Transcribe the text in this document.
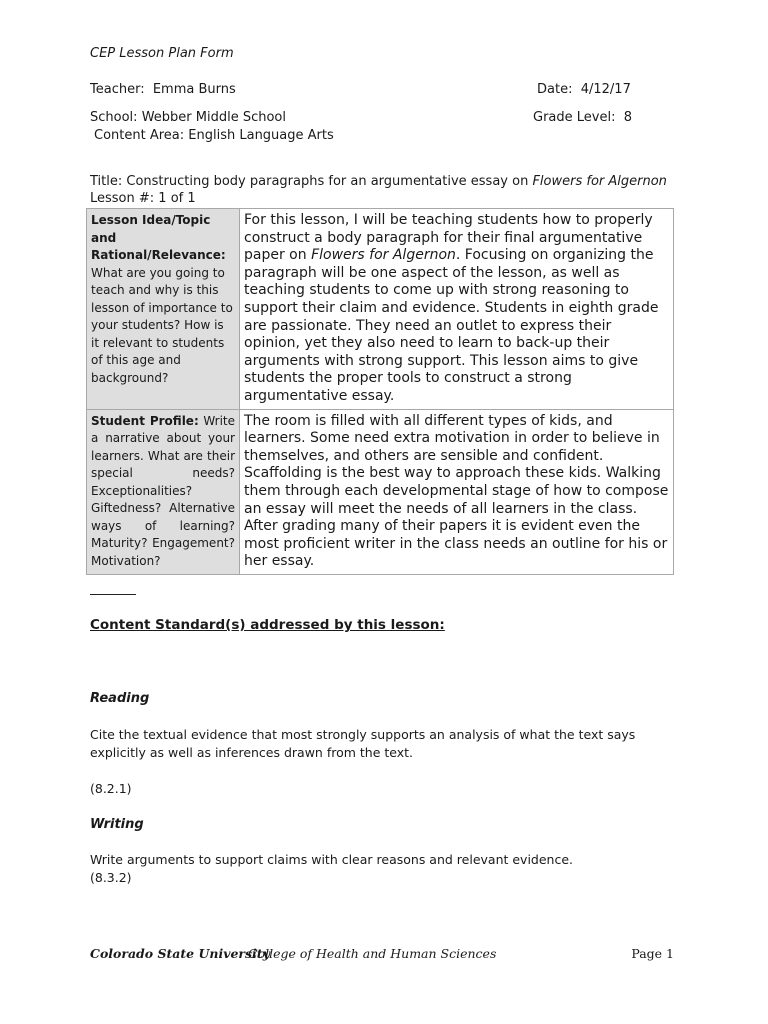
CEP Lesson Plan Form
Teacher: Emma Burns	Date: 4/12/17
School: Webber Middle School	Grade Level: 8
Content Area: English Language Arts
Title: Constructing body paragraphs for an argumentative essay on Flowers for Algernon
Lesson #: 1 of 1
Lesson Idea/Topic and Rational/Relevance: What are you going to teach and why is this lesson of importance to your students? How is it relevant to students of this age and background?	For this lesson, I will be teaching students how to properly construct a body paragraph for their final argumentative paper on Flowers for Algernon. Focusing on organizing the paragraph will be one aspect of the lesson, as well as teaching students to come up with strong reasoning to support their claim and evidence. Students in eighth grade are passionate. They need an outlet to express their opinion, yet they also need to learn to back-up their arguments with strong support. This lesson aims to give students the proper tools to construct a strong argumentative essay.
Student Profile: Write a narrative about your learners. What are their special needs? Exceptionalities? Giftedness? Alternative ways of learning? Maturity? Engagement? Motivation?	The room is filled with all different types of kids, and learners. Some need extra motivation in order to believe in themselves, and others are sensible and confident. Scaffolding is the best way to approach these kids. Walking them through each developmental stage of how to compose an essay will meet the needs of all learners in the class. After grading many of their papers it is evident even the most proficient writer in the class needs an outline for his or her essay.
Content Standard(s) addressed by this lesson:
Reading
Cite the textual evidence that most strongly supports an analysis of what the text says
explicitly as well as inferences drawn from the text.
(8.2.1)
Writing
Write arguments to support claims with clear reasons and relevant evidence.
(8.3.2)
Colorado State University
College of Health and Human Sciences	Page 1
